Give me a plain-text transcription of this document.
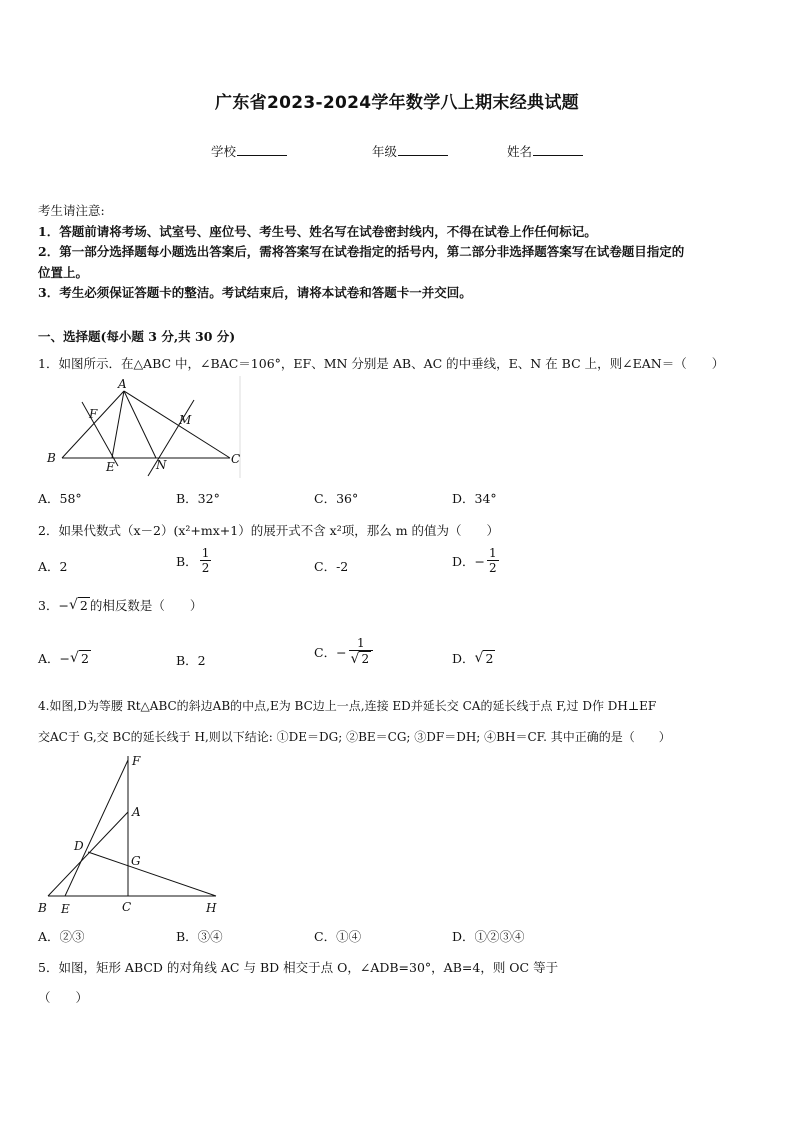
广东省2023-2024学年数学八上期末经典试题
学校	年级	姓名
考生请注意:
1．答题前请将考场、试室号、座位号、考生号、姓名写在试卷密封线内，不得在试卷上作任何标记。
2．第一部分选择题每小题选出答案后，需将答案写在试卷指定的括号内，第二部分非选择题答案写在试卷题目指定的
位置上。
3．考生必须保证答题卡的整洁。考试结束后，请将本试卷和答题卡一并交回。
一、选择题(每小题 3 分,共 30 分)
1．如图所示．在△ABC 中，∠BAC＝106°，EF、MN 分别是 AB、AC 的中垂线，E、N 在 BC 上，则∠EAN＝（　　）
A
F	M
B
E	N	C
A．58°	B．32°	C．36°	D．34°
2．如果代数式（x－2）(x²+mx+1）的展开式不含 x²项，那么 m 的值为（　　）
A．2	B． $\frac{1}{2}$	C．-2	D．− $\frac{1}{2}$
3．− √ 2 的相反数是（　　）
A．− √ 2	B．2
C．− $\frac{1}{√ 2}$	D． √ 2
4.如图,D为等腰 Rt△ABC的斜边AB的中点,E为 BC边上一点,连接 ED并延长交 CA的延长线于点 F,过 D作 DH⊥EF
交AC于 G,交 BC的延长线于 H,则以下结论: ①DE＝DG; ②BE＝CG; ③DF＝DH; ④BH＝CF. 其中正确的是（　　）
F
A
D
G
B E	C	H
A．②③	B．③④	C．①④	D．①②③④
5．如图，矩形 ABCD 的对角线 AC 与 BD 相交于点 O，∠ADB=30°，AB=4，则 OC 等于
（　　）
